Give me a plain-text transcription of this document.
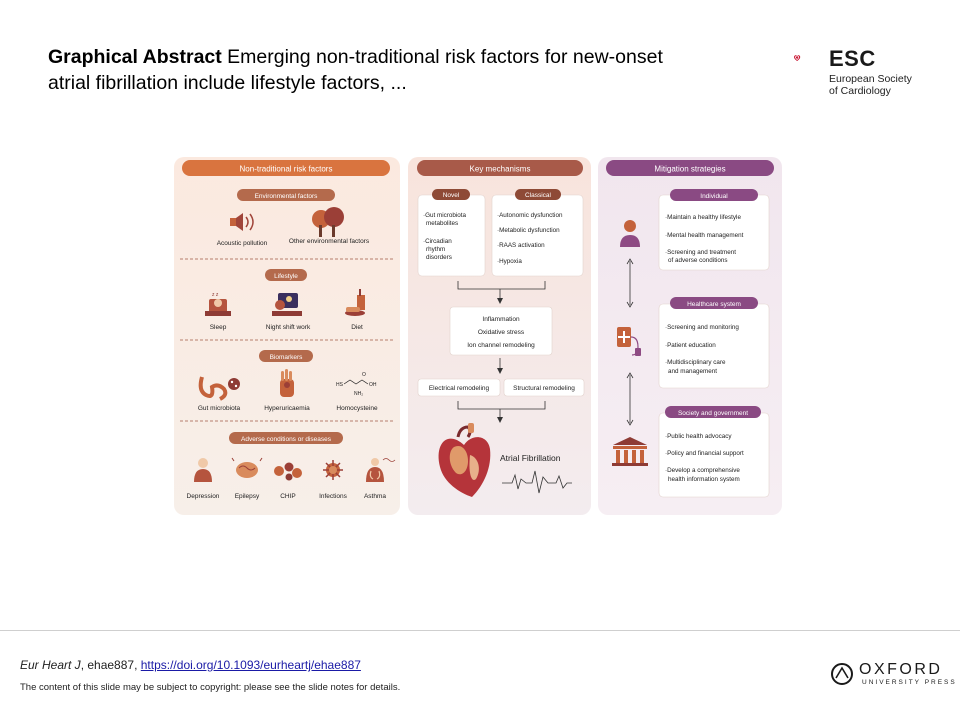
Graphical Abstract Emerging non-traditional risk factors for new-onset atrial fibrillation include lifestyle factors, ...
ESC
European Society
of Cardiology
Non-traditional risk factors
Environmental factors
Acoustic pollution	Other environmental factors
Lifestyle
z z
Sleep	Night shift work	Diet
Biomarkers
Gut microbiota	Hyperuricaemia
HS	OH
O
NH₂
Homocysteine
Adverse conditions or diseases
Depression Epilepsy	CHIP	Infections	Asthma
Key mechanisms
Novel
·Gut microbiota metabolites
·Circadian rhythm disorders
Classical
·Autonomic dysfunction
·Metabolic dysfunction
·RAAS activation
·Hypoxia
Inflammation
Oxidative stress
Ion channel remodeling
Electrical remodeling	Structural remodeling
Atrial Fibrillation
Mitigation strategies
Individual
·Maintain a healthy lifestyle
·Mental health management
·Screening and treatment of adverse conditions
Healthcare system
·Screening and monitoring
·Patient education
·Multidisciplinary care and management
Society and government
·Public health advocacy
·Policy and financial support
·Develop a comprehensive health information system
Eur Heart J, ehae887, https://doi.org/10.1093/eurheartj/ehae887
The content of this slide may be subject to copyright: please see the slide notes for details.
OXFORD
UNIVERSITY PRESS
